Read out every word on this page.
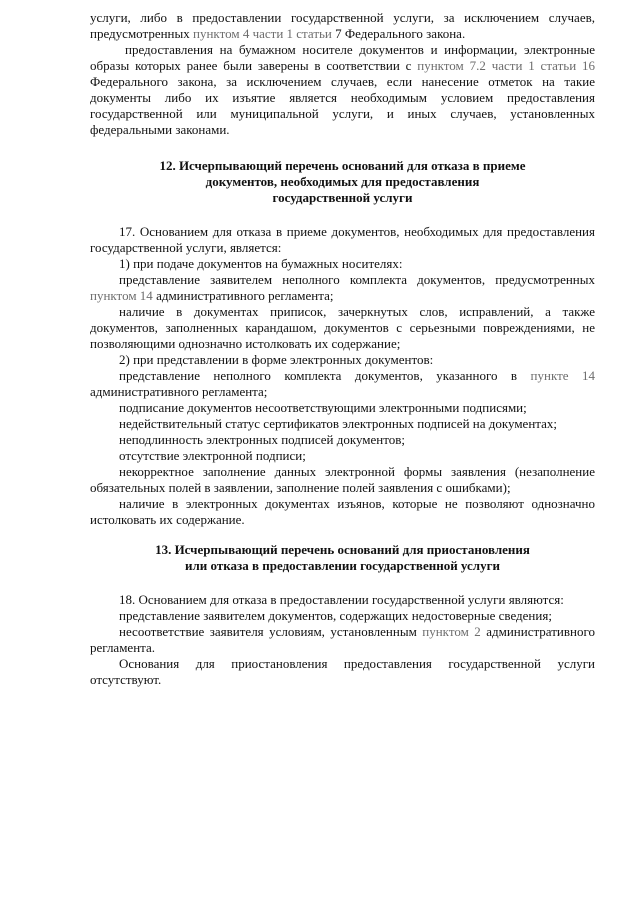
услуги, либо в предоставлении государственной услуги, за исключением случаев, предусмотренных пунктом 4 части 1 статьи 7 Федерального закона.

предоставления на бумажном носителе документов и информации, электронные образы которых ранее были заверены в соответствии с пунктом 7.2 части 1 статьи 16 Федерального закона, за исключением случаев, если нанесение отметок на такие документы либо их изъятие является необходимым условием предоставления государственной или муниципальной услуги, и иных случаев, установленных федеральными законами.

12. Исчерпывающий перечень оснований для отказа в приеме
документов, необходимых для предоставления
государственной услуги

17. Основанием для отказа в приеме документов, необходимых для предоставления государственной услуги, является:

1) при подаче документов на бумажных носителях:

представление заявителем неполного комплекта документов, предусмотренных пунктом 14 административного регламента;

наличие в документах приписок, зачеркнутых слов, исправлений, а также документов, заполненных карандашом, документов с серьезными повреждениями, не позволяющими однозначно истолковать их содержание;

2) при представлении в форме электронных документов:

представление неполного комплекта документов, указанного в пункте 14 административного регламента;

подписание документов несоответствующими электронными подписями;

недействительный статус сертификатов электронных подписей на документах;

неподлинность электронных подписей документов;

отсутствие электронной подписи;

некорректное заполнение данных электронной формы заявления (незаполнение обязательных полей в заявлении, заполнение полей заявления с ошибками);

наличие в электронных документах изъянов, которые не позволяют однозначно истолковать их содержание.

13. Исчерпывающий перечень оснований для приостановления
или отказа в предоставлении государственной услуги

18. Основанием для отказа в предоставлении государственной услуги являются:

представление заявителем документов, содержащих недостоверные сведения;

несоответствие заявителя условиям, установленным пунктом 2 административного регламента.

Основания для приостановления предоставления государственной услуги отсутствуют.
